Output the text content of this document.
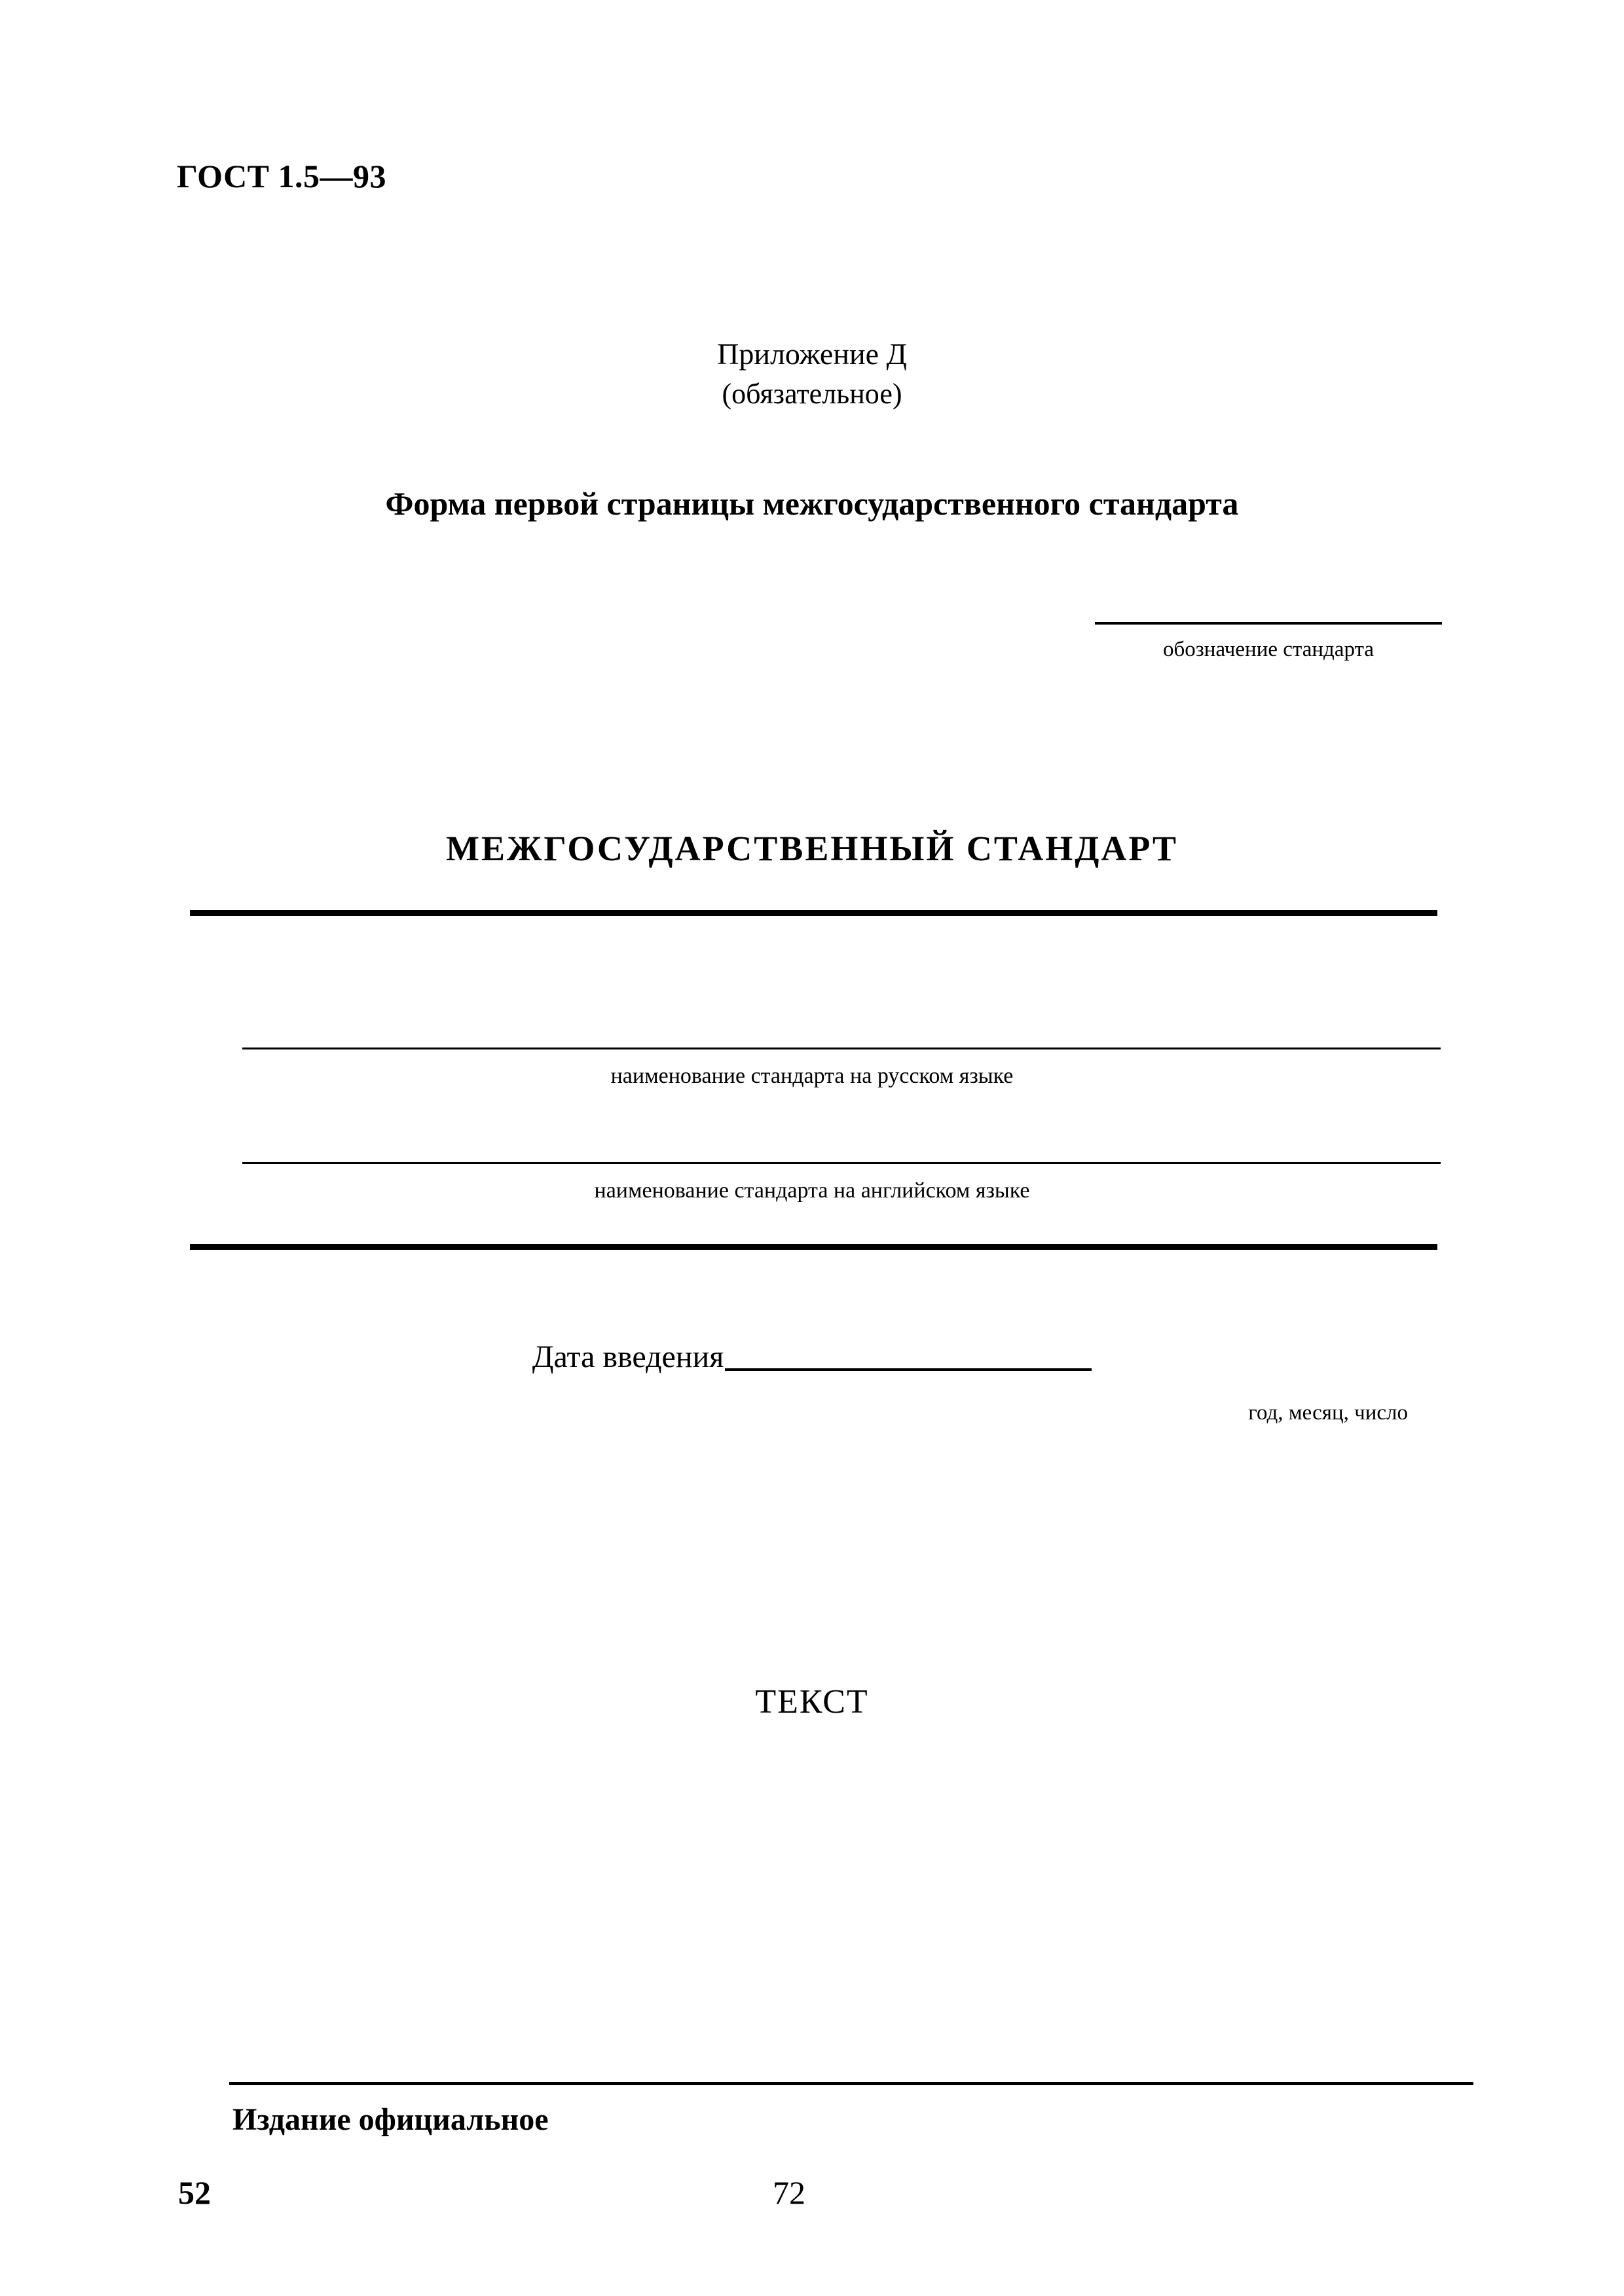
ГОСТ 1.5—93
Приложение Д
(обязательное)
Форма первой страницы межгосударственного стандарта
обозначение стандарта
МЕЖГОСУДАРСТВЕННЫЙ СТАНДАРТ
наименование стандарта на русском языке
наименование стандарта на английском языке
Дата введения
год, месяц, число
ТЕКСТ
Издание официальное
52	72
